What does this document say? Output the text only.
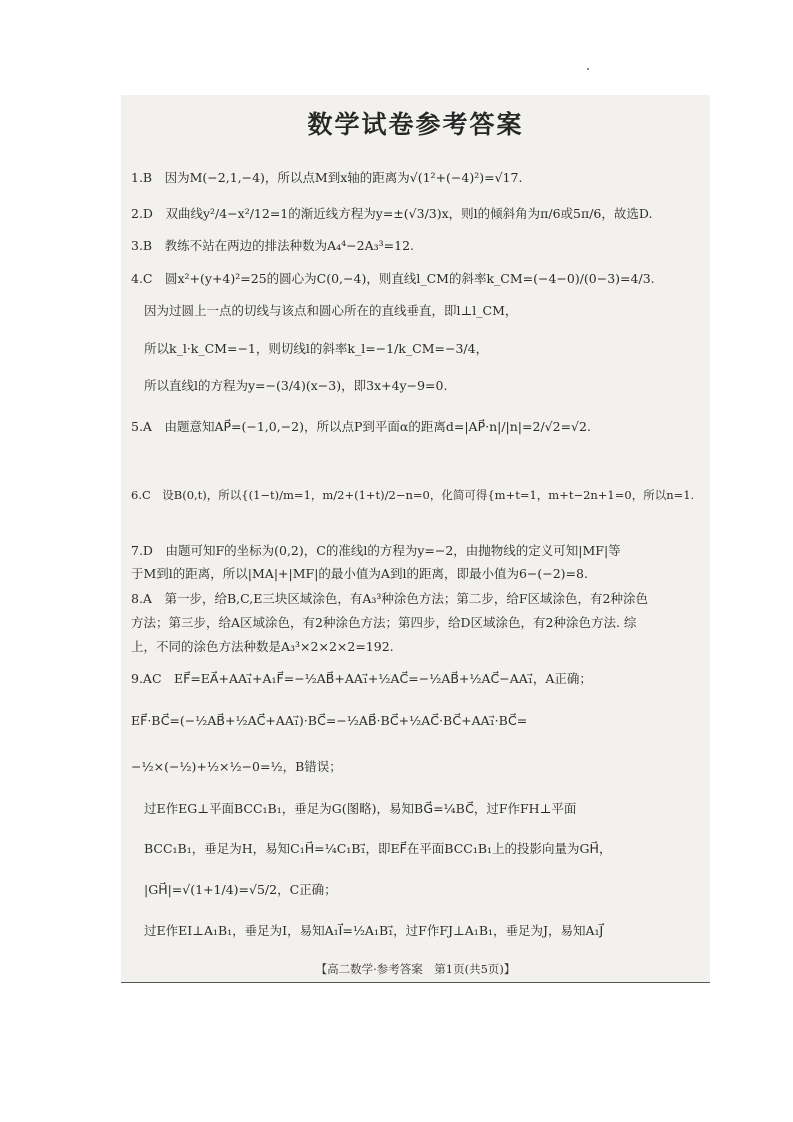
数学试卷参考答案
1.B　因为M(−2,1,−4)，所以点M到x轴的距离为√(1²+(−4)²)=√17.
2.D　双曲线y²/4−x²/12=1的渐近线方程为y=±(√3/3)x，则l的倾斜角为π/6或5π/6，故选D.
3.B　教练不站在两边的排法种数为A₄⁴−2A₃³=12.
4.C　圆x²+(y+4)²=25的圆心为C(0,−4)，则直线l_CM的斜率k_CM=(−4−0)/(0−3)=4/3.
因为过圆上一点的切线与该点和圆心所在的直线垂直，即l⊥l_CM，
所以k_l·k_CM=−1，则切线l的斜率k_l=−1/k_CM=−3/4，
所以直线l的方程为y=−(3/4)(x−3)，即3x+4y−9=0.
5.A　由题意知AP⃗=(−1,0,−2)，所以点P到平面α的距离d=|AP⃗·n|/|n|=2/√2=√2.
6.C　设B(0,t)，所以{(1−t)/m=1，m/2+(1+t)/2−n=0，化简可得{m+t=1，m+t−2n+1=0，所以n=1.
7.D　由题可知F的坐标为(0,2)，C的准线l的方程为y=−2，由抛物线的定义可知|MF|等
于M到l的距离，所以|MA|+|MF|的最小值为A到l的距离，即最小值为6−(−2)=8.
8.A　第一步，给B,C,E三块区域涂色，有A₃³种涂色方法；第二步，给F区域涂色，有2种涂色
方法；第三步，给A区域涂色，有2种涂色方法；第四步，给D区域涂色，有2种涂色方法. 综
上，不同的涂色方法种数是A₃³×2×2×2=192.
9.AC　EF⃗=EA⃗+AA₁⃗+A₁F⃗=−½AB⃗+AA₁⃗+½AC⃗=−½AB⃗+½AC⃗−AA₁⃗，A正确；
EF⃗·BC⃗=(−½AB⃗+½AC⃗+AA₁⃗)·BC⃗=−½AB⃗·BC⃗+½AC⃗·BC⃗+AA₁⃗·BC⃗=
−½×(−½)+½×½−0=½，B错误；
过E作EG⊥平面BCC₁B₁，垂足为G(图略)，易知BG⃗=¼BC⃗，过F作FH⊥平面
BCC₁B₁，垂足为H，易知C₁H⃗=¼C₁B₁⃗，即EF⃗在平面BCC₁B₁上的投影向量为GH⃗，
|GH⃗|=√(1+1/4)=√5/2，C正确；
过E作EI⊥A₁B₁，垂足为I，易知A₁I⃗=½A₁B₁⃗，过F作FJ⊥A₁B₁，垂足为J，易知A₁J⃗
【高二数学·参考答案　第1页(共5页)】
